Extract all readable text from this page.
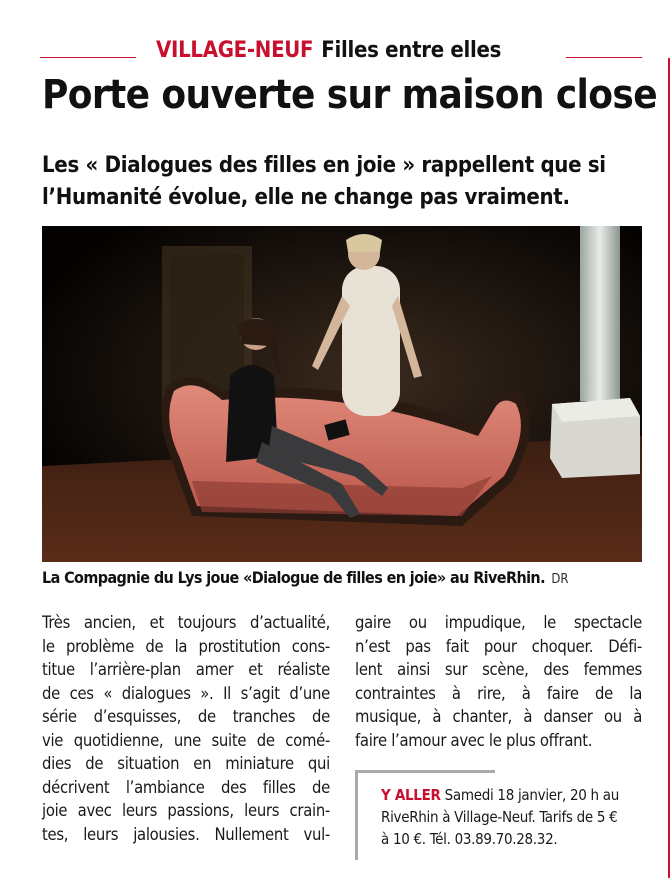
VILLAGE-NEUF Filles entre elles
Porte ouverte sur maison close
Les « Dialogues des filles en joie » rappellent que si
l’Humanité évolue, elle ne change pas vraiment.
La Compagnie du Lys joue «Dialogue de filles en joie» au RiveRhin. DR
Très ancien, et toujours d’actualité,
le problème de la prostitution cons-
titue l’arrière-plan amer et réaliste
de ces « dialogues ». Il s’agit d’une
série d’esquisses, de tranches de
vie quotidienne, une suite de comé-
dies de situation en miniature qui
décrivent l’ambiance des filles de
joie avec leurs passions, leurs crain-
tes, leurs jalousies. Nullement vul-
gaire ou impudique, le spectacle
n’est pas fait pour choquer. Défi-
lent ainsi sur scène, des femmes
contraintes à rire, à faire de la
musique, à chanter, à danser ou à
faire l’amour avec le plus offrant.
Y ALLER Samedi 18 janvier, 20 h au
RiveRhin à Village-Neuf. Tarifs de 5 €
à 10 €. Tél. 03.89.70.28.32.
